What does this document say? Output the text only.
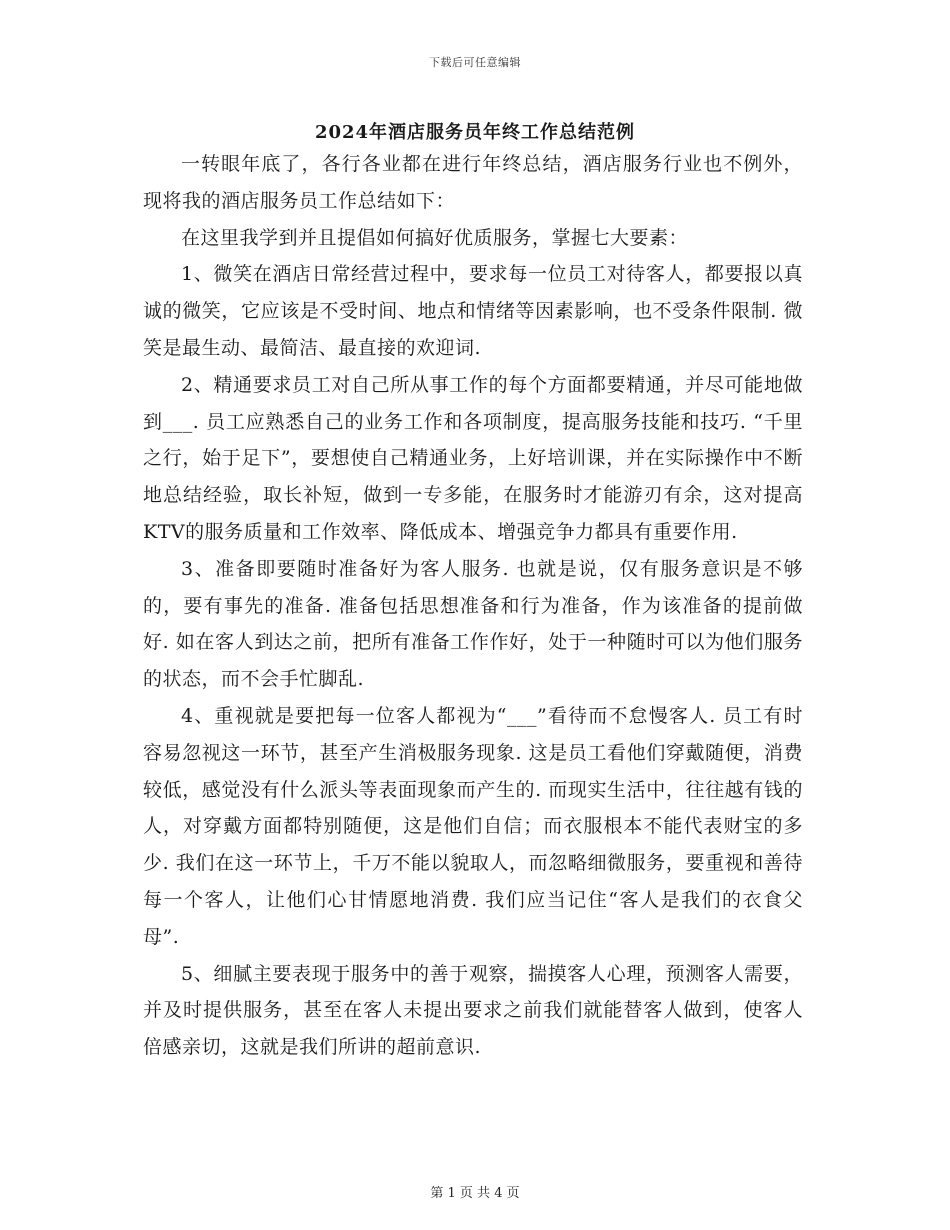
下载后可任意编辑
2024年酒店服务员年终工作总结范例

一转眼年底了，各行各业都在进行年终总结，酒店服务行业也不例外，现将我的酒店服务员工作总结如下：

在这里我学到并且提倡如何搞好优质服务，掌握七大要素：

1、微笑在酒店日常经营过程中，要求每一位员工对待客人，都要报以真诚的微笑，它应该是不受时间、地点和情绪等因素影响，也不受条件限制. 微笑是最生动、最简洁、最直接的欢迎词.

2、精通要求员工对自己所从事工作的每个方面都要精通，并尽可能地做到___. 员工应熟悉自己的业务工作和各项制度，提高服务技能和技巧. “千里之行，始于足下”，要想使自己精通业务，上好培训课，并在实际操作中不断地总结经验，取长补短，做到一专多能，在服务时才能游刃有余，这对提高KTV的服务质量和工作效率、降低成本、增强竞争力都具有重要作用.

3、准备即要随时准备好为客人服务. 也就是说，仅有服务意识是不够的，要有事先的准备. 准备包括思想准备和行为准备，作为该准备的提前做好. 如在客人到达之前，把所有准备工作作好，处于一种随时可以为他们服务的状态，而不会手忙脚乱.

4、重视就是要把每一位客人都视为“___”看待而不怠慢客人. 员工有时容易忽视这一环节，甚至产生消极服务现象. 这是员工看他们穿戴随便，消费较低，感觉没有什么派头等表面现象而产生的. 而现实生活中，往往越有钱的人，对穿戴方面都特别随便，这是他们自信；而衣服根本不能代表财宝的多少. 我们在这一环节上，千万不能以貌取人，而忽略细微服务，要重视和善待每一个客人，让他们心甘情愿地消费. 我们应当记住“客人是我们的衣食父母”.

5、细腻主要表现于服务中的善于观察，揣摸客人心理，预测客人需要，并及时提供服务，甚至在客人未提出要求之前我们就能替客人做到，使客人倍感亲切，这就是我们所讲的超前意识.

第 1 页 共 4 页
